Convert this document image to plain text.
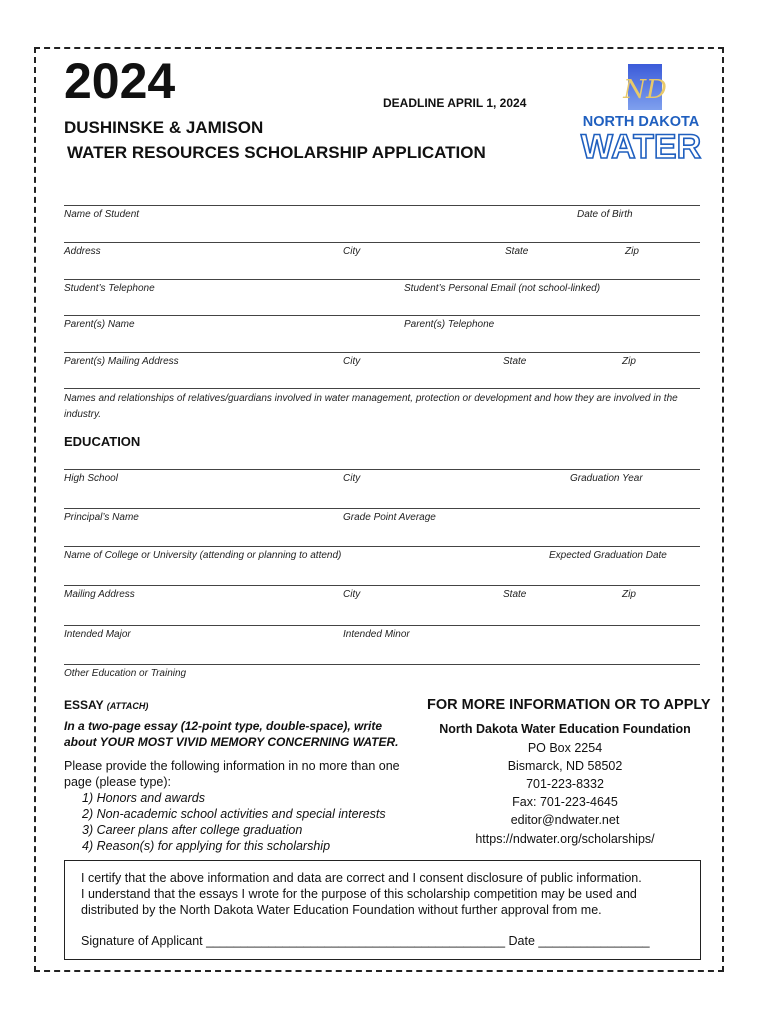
2024	DEADLINE APRIL 1, 2024
DUSHINSKE & JAMISON
WATER RESOURCES SCHOLARSHIP APPLICATION
ND
NORTH DAKOTA
WATER
Name of Student	Date of Birth
Address	City	State	Zip
Student’s Telephone	Student’s Personal Email (not school-linked)
Parent(s) Name	Parent(s) Telephone
Parent(s) Mailing Address	City	State	Zip
Names and relationships of relatives/guardians involved in water management, protection or development and how they are involved in the industry.
EDUCATION
High School	City	Graduation Year
Principal’s Name	Grade Point Average
Name of College or University (attending or planning to attend)	Expected Graduation Date
Mailing Address	City	State	Zip
Intended Major	Intended Minor
Other Education or Training
ESSAY (ATTACH)
In a two-page essay (12-point type, double-space), write about YOUR MOST VIVID MEMORY CONCERNING WATER.
Please provide the following information in no more than one page (please type):
1) Honors and awards
2) Non-academic school activities and special interests
3) Career plans after college graduation
4) Reason(s) for applying for this scholarship
FOR MORE INFORMATION OR TO APPLY
North Dakota Water Education Foundation
PO Box 2254
Bismarck, ND 58502
701-223-8332
Fax: 701-223-4645
editor@ndwater.net
https://ndwater.org/scholarships/
I certify that the above information and data are correct and I consent disclosure of public information.
I understand that the essays I wrote for the purpose of this scholarship competition may be used and
distributed by the North Dakota Water Education Foundation without further approval from me.
Signature of Applicant ___________________________________________ Date ________________
